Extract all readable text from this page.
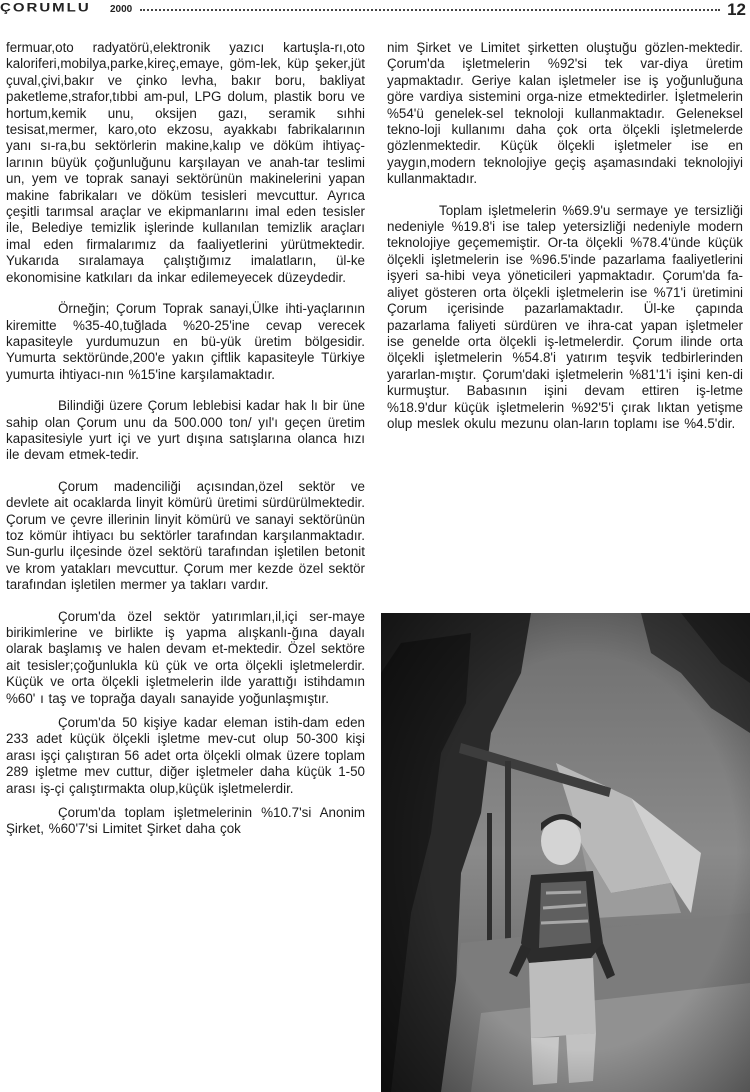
ÇORUMLU 2000	12

fermuar,oto radyatörü,elektronik yazıcı kartuşla-rı,oto kaloriferi,mobilya,parke,kireç,emaye, göm-lek, küp şeker,jüt çuval,çivi,bakır ve çinko levha, bakır boru, bakliyat paketleme,strafor,tıbbi am-pul, LPG dolum, plastik boru ve hortum,kemik unu, oksijen gazı, seramik sıhhi tesisat,mermer, karo,oto ekzosu, ayakkabı fabrikalarının yanı sı-ra,bu sektörlerin makine,kalıp ve döküm ihtiyaç-larının büyük çoğunluğunu karşılayan ve anah-tar teslimi un, yem ve toprak sanayi sektörünün makinelerini yapan makine fabrikaları ve döküm tesisleri mevcuttur. Ayrıca çeşitli tarımsal araçlar ve ekipmanlarını imal eden tesisler ile, Belediye temizlik işlerinde kullanılan temizlik araçları imal eden firmalarımız da faaliyetlerini yürütmektedir. Yukarıda sıralamaya çalıştığımız imalatların, ül-ke ekonomisine katkıları da inkar edilemeyecek düzeydedir.

Örneğin; Çorum Toprak sanayi,Ülke ihti-yaçlarının kiremitte %35-40,tuğlada %20-25'ine cevap verecek kapasiteyle yurdumuzun en bü-yük üretim bölgesidir. Yumurta sektöründe,200'e yakın çiftlik kapasiteyle Türkiye yumurta ihtiyacı-nın %15'ine karşılamaktadır.

Bilindiği üzere Çorum leblebisi kadar hak lı bir üne sahip olan Çorum unu da 500.000 ton/ yıl'ı geçen üretim kapasitesiyle yurt içi ve yurt dışına satışlarına olanca hızı ile devam etmek-tedir.

Çorum madenciliği açısından,özel sektör ve devlete ait ocaklarda linyit kömürü üretimi sürdürülmektedir. Çorum ve çevre illerinin linyit kömürü ve sanayi sektörünün toz kömür ihtiyacı bu sektörler tarafından karşılanmaktadır. Sun-gurlu ilçesinde özel sektörü tarafından işletilen betonit ve krom yatakları mevcuttur. Çorum mer kezde özel sektör tarafından işletilen mermer ya takları vardır.

Çorum'da özel sektör yatırımları,il,içi ser-maye birikimlerine ve birlikte iş yapma alışkanlı-ğına dayalı olarak başlamış ve halen devam et-mektedir. Özel sektöre ait tesisler;çoğunlukla kü çük ve orta ölçekli işletmelerdir. Küçük ve orta ölçekli işletmelerin ilde yarattığı istihdamın %60' ı taş ve toprağa dayalı sanayide yoğunlaşmıştır.

Çorum'da 50 kişiye kadar eleman istih-dam eden 233 adet küçük ölçekli işletme mev-cut olup 50-300 kişi arası işçi çalıştıran 56 adet orta ölçekli olmak üzere toplam 289 işletme mev cuttur, diğer işletmeler daha küçük 1-50 arası iş-çi çalıştırmakta olup,küçük işletmelerdir.

Çorum'da toplam işletmelerinin %10.7'si Anonim Şirket, %60'7'si Limitet Şirket daha çok

nim Şirket ve Limitet şirketten oluştuğu gözlen-mektedir. Çorum'da işletmelerin %92'si tek var-diya üretim yapmaktadır. Geriye kalan işletmeler ise iş yoğunluğuna göre vardiya sistemini orga-nize etmektedirler. İşletmelerin %54'ü genelek-sel teknoloji kullanmaktadır. Geleneksel tekno-loji kullanımı daha çok orta ölçekli işletmelerde gözlenmektedir. Küçük ölçekli işletmeler ise en yaygın,modern teknolojiye geçiş aşamasındaki teknolojiyi kullanmaktadır.

Toplam işletmelerin %69.9'u sermaye ye tersizliği nedeniyle %19.8'i ise talep yetersizliği nedeniyle modern teknolojiye geçememiştir. Or-ta ölçekli %78.4'ünde küçük ölçekli işletmelerin ise %96.5'inde pazarlama faaliyetlerini işyeri sa-hibi veya yöneticileri yapmaktadır. Çorum'da fa-aliyet gösteren orta ölçekli işletmelerin ise %71'i üretimini Çorum içerisinde pazarlamaktadır. Ül-ke çapında pazarlama faliyeti sürdüren ve ihra-cat yapan işletmeler ise genelde orta ölçekli iş-letmelerdir. Çorum ilinde orta ölçekli işletmelerin %54.8'i yatırım teşvik tedbirlerinden yararlan-mıştır. Çorum'daki işletmelerin %81'1'i işini ken-di kurmuştur. Babasının işini devam ettiren iş-letme %18.9'dur küçük işletmelerin %92'5'i çırak lıktan yetişme olup meslek okulu mezunu olan-ların toplamı ise %4.5'dir.
